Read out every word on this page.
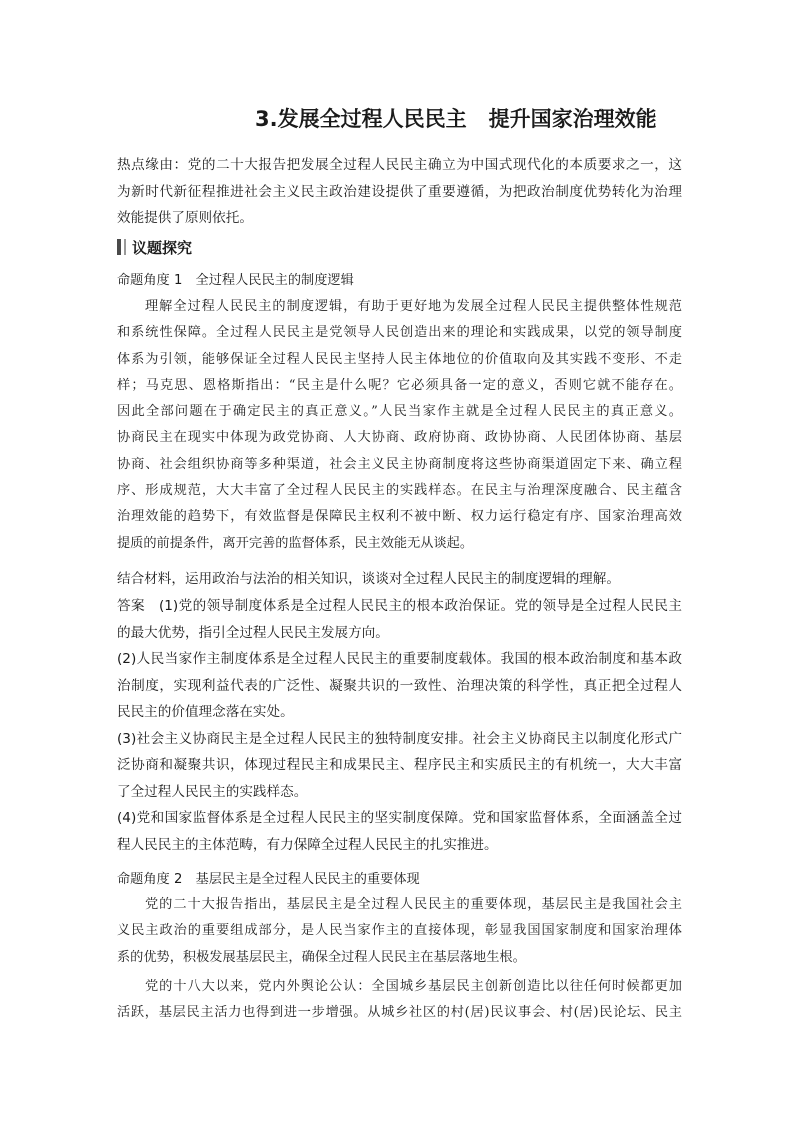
3.发展全过程人民民主 提升国家治理效能
热点缘由：党的二十大报告把发展全过程人民民主确立为中国式现代化的本质要求之一，这
为新时代新征程推进社会主义民主政治建设提供了重要遵循，为把政治制度优势转化为治理
效能提供了原则依托。
议题探究
命题角度 1　全过程人民民主的制度逻辑
理解全过程人民民主的制度逻辑，有助于更好地为发展全过程人民民主提供整体性规范
和系统性保障。全过程人民民主是党领导人民创造出来的理论和实践成果，以党的领导制度
体系为引领，能够保证全过程人民民主坚持人民主体地位的价值取向及其实践不变形、不走
样；马克思、恩格斯指出：“民主是什么呢？它必须具备一定的意义，否则它就不能存在。
因此全部问题在于确定民主的真正意义。”人民当家作主就是全过程人民民主的真正意义。
协商民主在现实中体现为政党协商、人大协商、政府协商、政协协商、人民团体协商、基层
协商、社会组织协商等多种渠道，社会主义民主协商制度将这些协商渠道固定下来、确立程
序、形成规范，大大丰富了全过程人民民主的实践样态。在民主与治理深度融合、民主蕴含
治理效能的趋势下，有效监督是保障民主权利不被中断、权力运行稳定有序、国家治理高效
提质的前提条件，离开完善的监督体系，民主效能无从谈起。
结合材料，运用政治与法治的相关知识，谈谈对全过程人民民主的制度逻辑的理解。
答案　(1)党的领导制度体系是全过程人民民主的根本政治保证。党的领导是全过程人民民主
的最大优势，指引全过程人民民主发展方向。
(2)人民当家作主制度体系是全过程人民民主的重要制度载体。我国的根本政治制度和基本政
治制度，实现利益代表的广泛性、凝聚共识的一致性、治理决策的科学性，真正把全过程人
民民主的价值理念落在实处。
(3)社会主义协商民主是全过程人民民主的独特制度安排。社会主义协商民主以制度化形式广
泛协商和凝聚共识，体现过程民主和成果民主、程序民主和实质民主的有机统一，大大丰富
了全过程人民民主的实践样态。
(4)党和国家监督体系是全过程人民民主的坚实制度保障。党和国家监督体系，全面涵盖全过
程人民民主的主体范畴，有力保障全过程人民民主的扎实推进。
命题角度 2　基层民主是全过程人民民主的重要体现
党的二十大报告指出，基层民主是全过程人民民主的重要体现，基层民主是我国社会主
义民主政治的重要组成部分，是人民当家作主的直接体现，彰显我国国家制度和国家治理体
系的优势，积极发展基层民主，确保全过程人民民主在基层落地生根。
党的十八大以来，党内外舆论公认：全国城乡基层民主创新创造比以往任何时候都更加
活跃，基层民主活力也得到进一步增强。从城乡社区的村(居)民议事会、村(居)民论坛、民主
